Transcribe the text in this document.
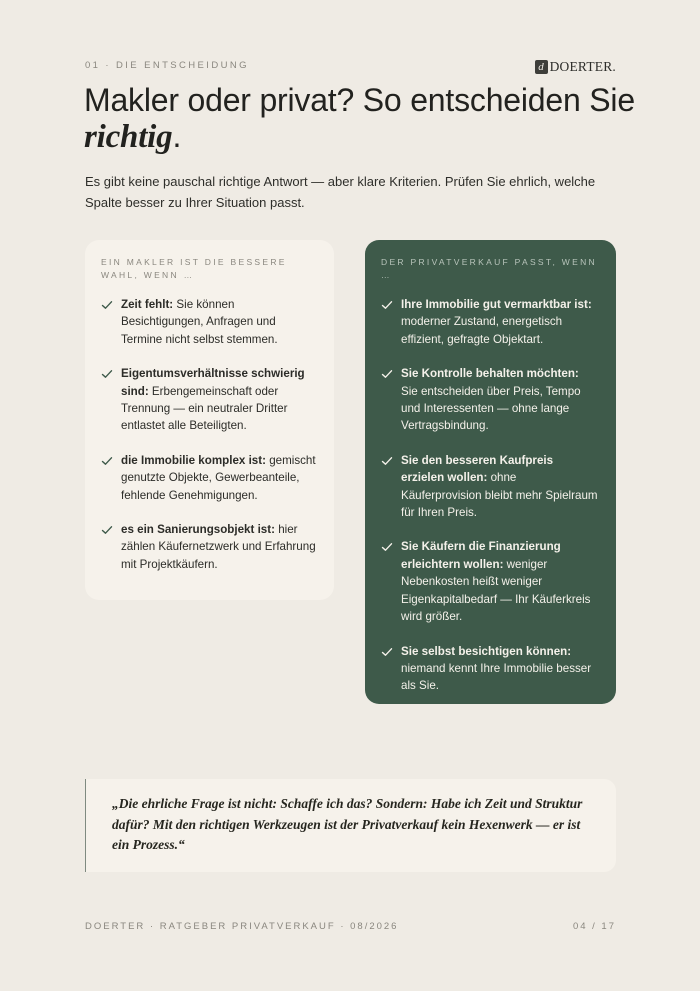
01 · DIE ENTSCHEIDUNG	d DOERTER.
Makler oder privat? So entscheiden Sie richtig.

Es gibt keine pauschal richtige Antwort — aber klare Kriterien. Prüfen Sie ehrlich, welche Spalte besser zu Ihrer Situation passt.

EIN MAKLER IST DIE BESSERE WAHL, WENN …
Zeit fehlt: Sie können Besichtigungen, Anfragen und Termine nicht selbst stemmen.
Eigentumsverhältnisse schwierig sind: Erbengemeinschaft oder Trennung — ein neutraler Dritter entlastet alle Beteiligten.
die Immobilie komplex ist: gemischt genutzte Objekte, Gewerbeanteile, fehlende Genehmigungen.
es ein Sanierungsobjekt ist: hier zählen Käufernetzwerk und Erfahrung mit Projektkäufern.
DER PRIVATVERKAUF PASST, WENN …
Ihre Immobilie gut vermarktbar ist: moderner Zustand, energetisch effizient, gefragte Objektart.
Sie Kontrolle behalten möchten: Sie entscheiden über Preis, Tempo und Interessenten — ohne lange Vertragsbindung.
Sie den besseren Kaufpreis erzielen wollen: ohne Käuferprovision bleibt mehr Spielraum für Ihren Preis.
Sie Käufern die Finanzierung erleichtern wollen: weniger Nebenkosten heißt weniger Eigenkapitalbedarf — Ihr Käuferkreis wird größer.
Sie selbst besichtigen können: niemand kennt Ihre Immobilie besser als Sie.

„Die ehrliche Frage ist nicht: Schaffe ich das? Sondern: Habe ich Zeit und Struktur dafür? Mit den richtigen Werkzeugen ist der Privatverkauf kein Hexenwerk — er ist ein Prozess.“

DOERTER · RATGEBER PRIVATVERKAUF · 08/2026	04 / 17
